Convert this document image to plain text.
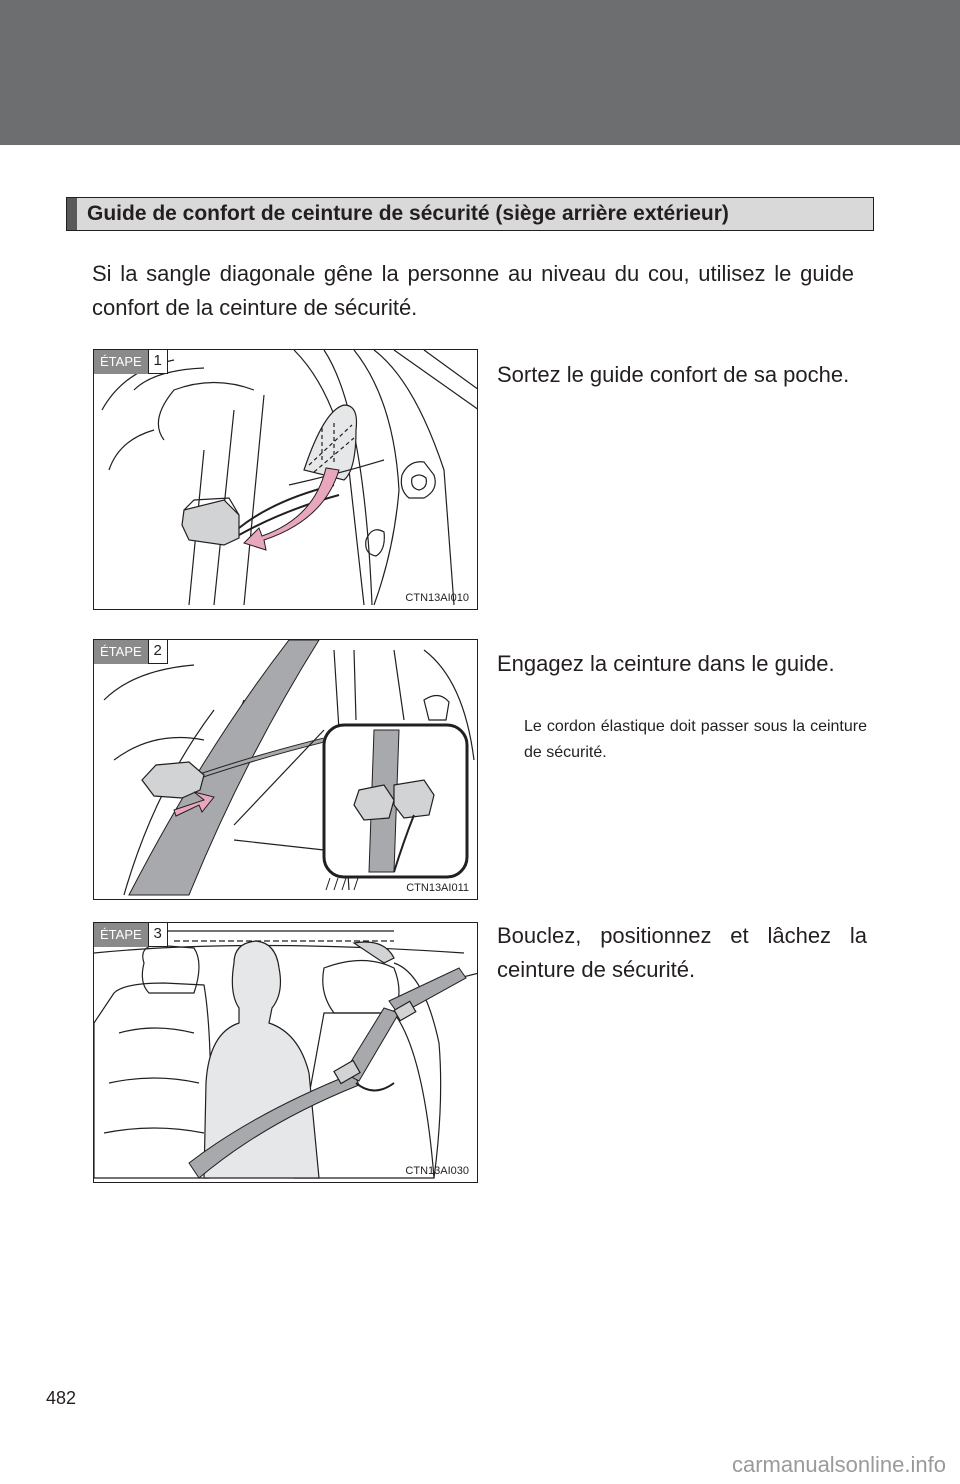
Guide de confort de ceinture de sécurité (siège arrière extérieur)
Si la sangle diagonale gêne la personne au niveau du cou, utilisez le guide confort de la ceinture de sécurité.
ÉTAPE 1
CTN13AI010
Sortez le guide confort de sa poche.
ÉTAPE 2
CTN13AI011
Engagez la ceinture dans le guide.
Le cordon élastique doit passer sous la ceinture de sécurité.
ÉTAPE 3
CTN13AI030
Bouclez, positionnez et lâchez la ceinture de sécurité.
482
carmanualsonline.info
